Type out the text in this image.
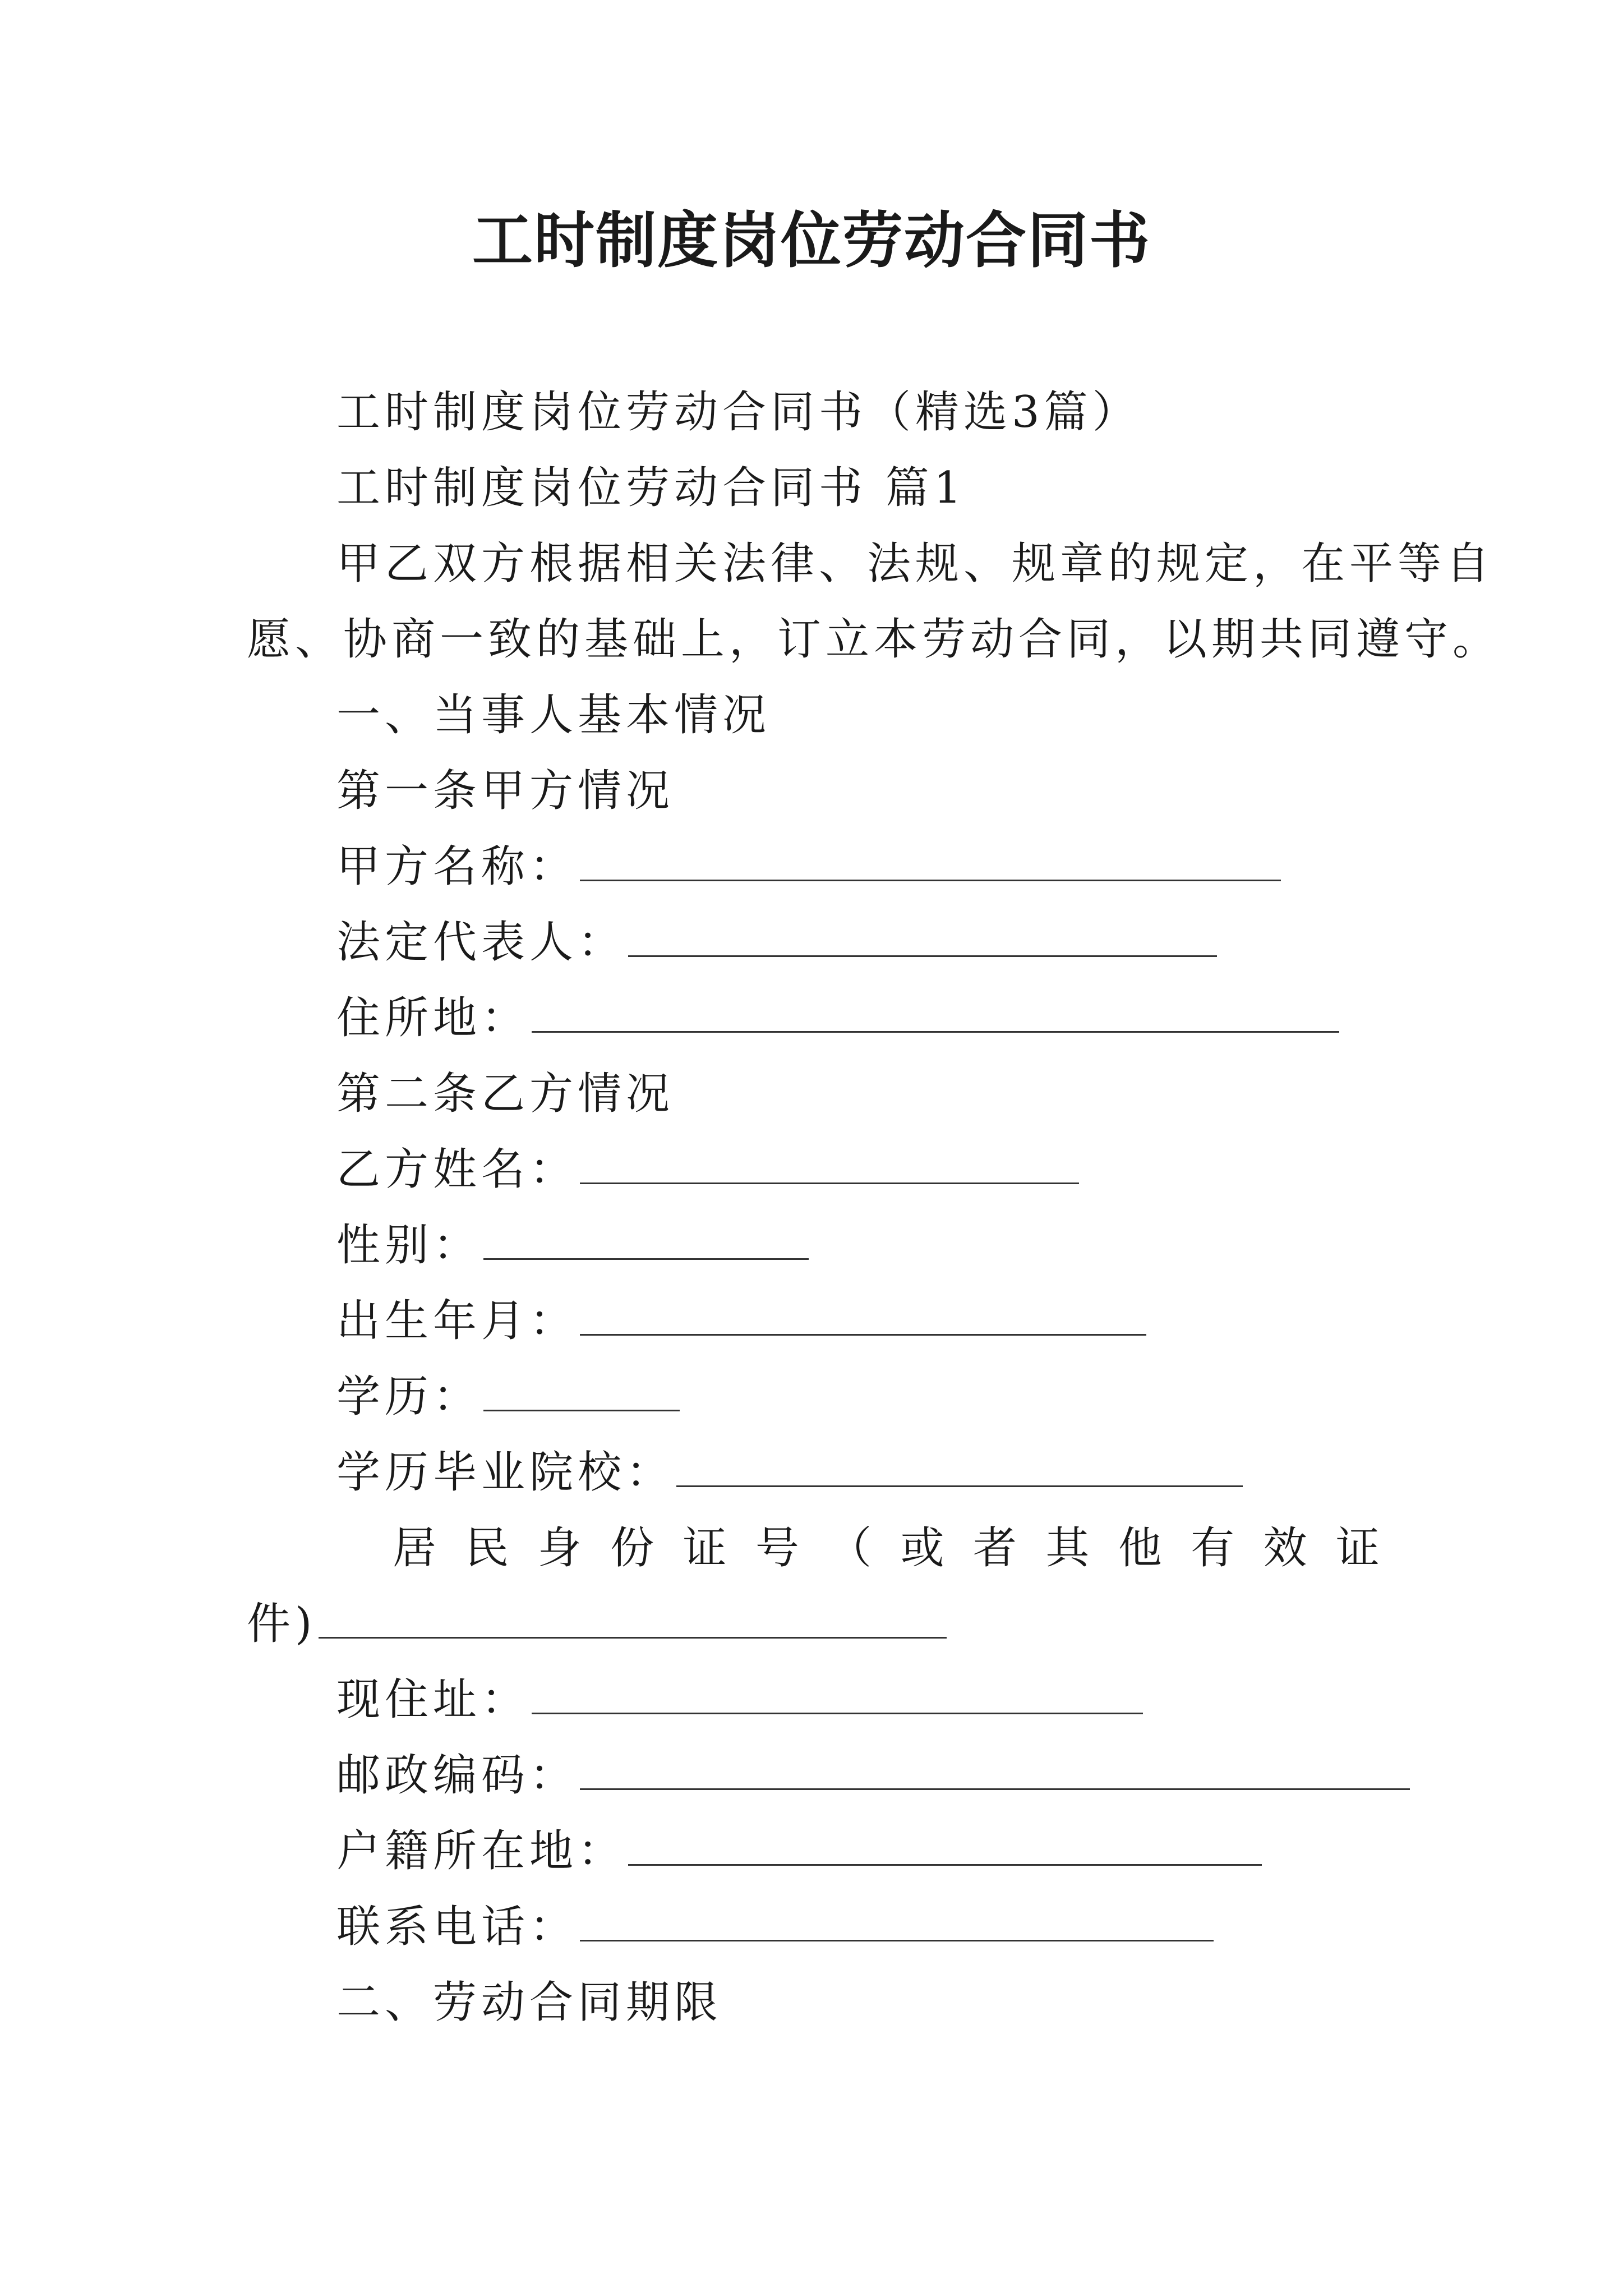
工时制度岗位劳动合同书
工时制度岗位劳动合同书（精选3篇）
工时制度岗位劳动合同书 篇1
甲乙双方根据相关法律、法规、规章的规定，在平等自
愿、协商一致的基础上，订立本劳动合同，以期共同遵守。
一、当事人基本情况
第一条甲方情况
甲方名称：
法定代表人：
住所地：
第二条乙方情况
乙方姓名：
性别：
出生年月：
学历：
学历毕业院校：
居 民 身 份 证 号 （ 或 者 其 他 有 效 证
件)
现住址：
邮政编码：
户籍所在地：
联系电话：
二、劳动合同期限
